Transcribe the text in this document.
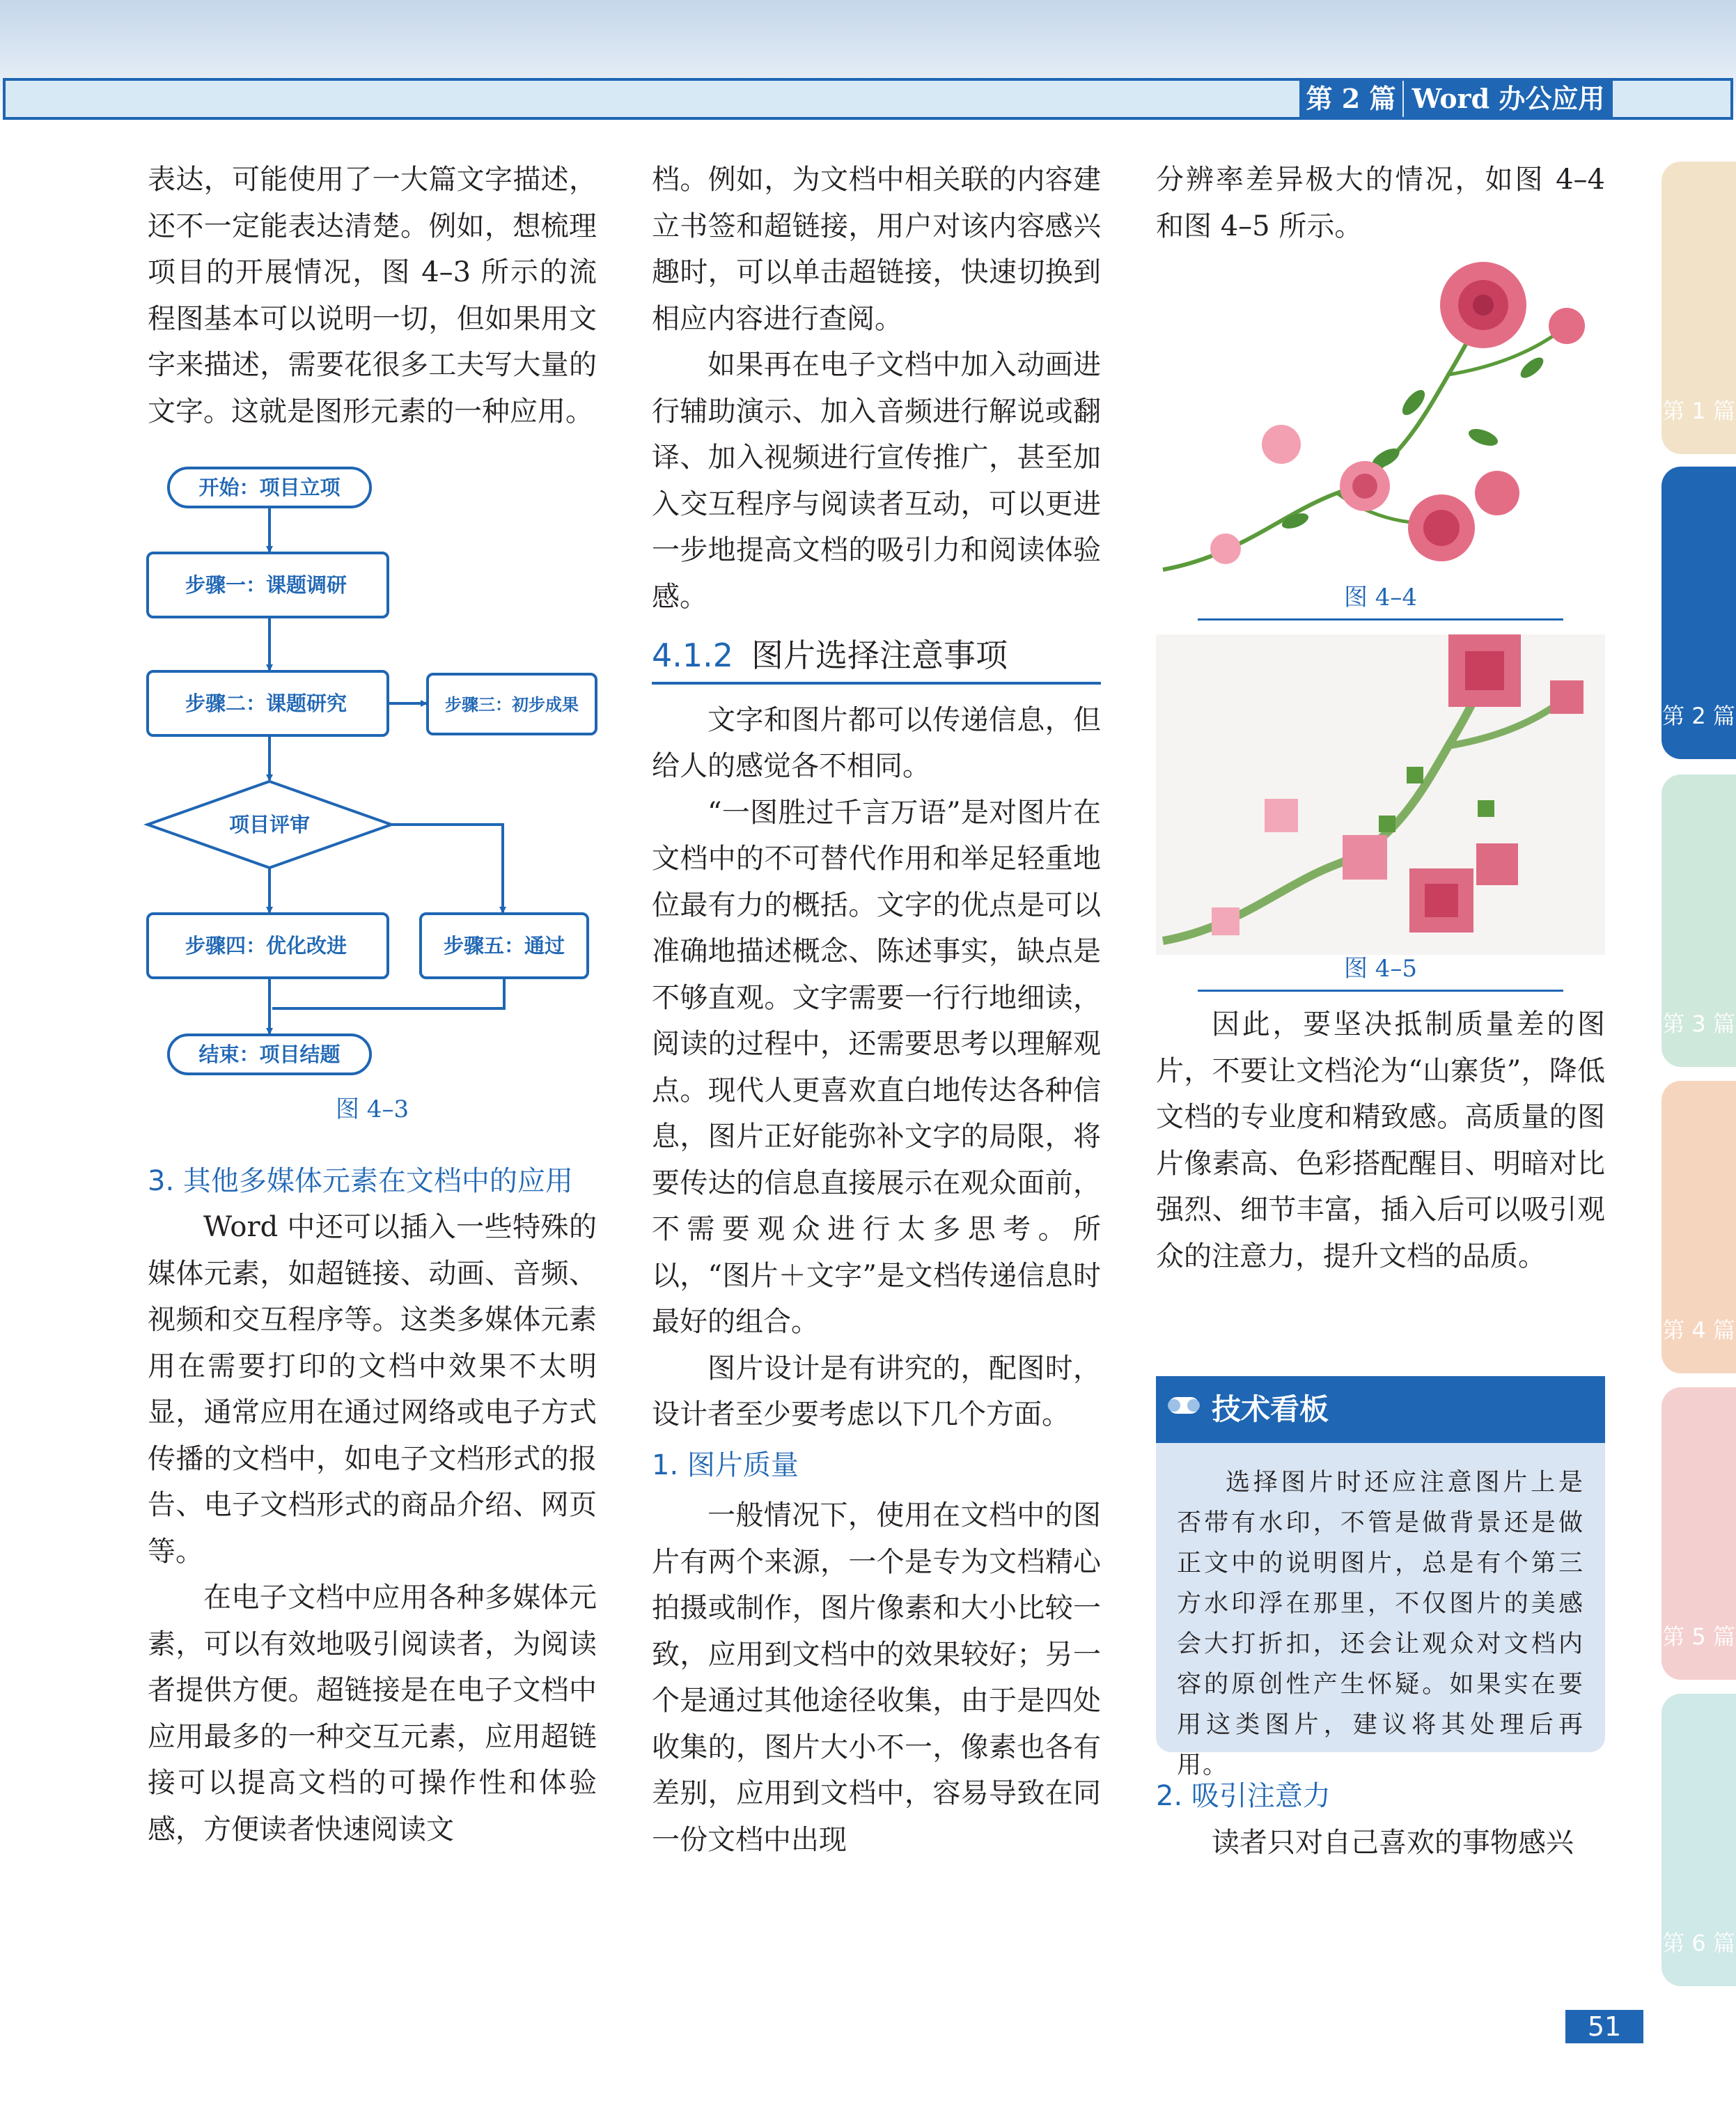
第 2 篇 Word 办公应用
第 1 篇
第 2 篇
第 3 篇
第 4 篇
第 5 篇
第 6 篇

表达，可能使用了一大篇文字描述，还不一定能表达清楚。例如，想梳理项目的开展情况，图 4–3 所示的流程图基本可以说明一切，但如果用文字来描述，需要花很多工夫写大量的文字。这就是图形元素的一种应用。

开始：项目立项
步骤一：课题调研
步骤二：课题研究	步骤三：初步成果
项目评审
步骤四：优化改进	步骤五：通过
结束：项目结题

图 4–3

3. 其他多媒体元素在文档中的应用

Word 中还可以插入一些特殊的媒体元素，如超链接、动画、音频、视频和交互程序等。这类多媒体元素用在需要打印的文档中效果不太明显，通常应用在通过网络或电子方式传播的文档中，如电子文档形式的报告、电子文档形式的商品介绍、网页等。

在电子文档中应用各种多媒体元素，可以有效地吸引阅读者，为阅读者提供方便。超链接是在电子文档中应用最多的一种交互元素，应用超链接可以提高文档的可操作性和体验感，方便读者快速阅读文

档。例如，为文档中相关联的内容建立书签和超链接，用户对该内容感兴趣时，可以单击超链接，快速切换到相应内容进行查阅。

如果再在电子文档中加入动画进行辅助演示、加入音频进行解说或翻译、加入视频进行宣传推广，甚至加入交互程序与阅读者互动，可以更进一步地提高文档的吸引力和阅读体验感。

4.1.2 图片选择注意事项

文字和图片都可以传递信息，但给人的感觉各不相同。

“一图胜过千言万语”是对图片在文档中的不可替代作用和举足轻重地位最有力的概括。文字的优点是可以准确地描述概念、陈述事实，缺点是不够直观。文字需要一行行地细读，阅读的过程中，还需要思考以理解观点。现代人更喜欢直白地传达各种信息，图片正好能弥补文字的局限，将要传达的信息直接展示在观众面前，不需要观众进行太多思考。所以，“图片＋文字”是文档传递信息时最好的组合。

图片设计是有讲究的，配图时，设计者至少要考虑以下几个方面。

1. 图片质量

一般情况下，使用在文档中的图片有两个来源，一个是专为文档精心拍摄或制作，图片像素和大小比较一致，应用到文档中的效果较好；另一个是通过其他途径收集，由于是四处收集的，图片大小不一，像素也各有差别，应用到文档中，容易导致在同一份文档中出现

分辨率差异极大的情况，如图 4–4 和图 4–5 所示。

图 4–4

图 4–5

因此，要坚决抵制质量差的图片，不要让文档沦为“山寨货”，降低文档的专业度和精致感。高质量的图片像素高、色彩搭配醒目、明暗对比强烈、细节丰富，插入后可以吸引观众的注意力，提升文档的品质。

技术看板
选择图片时还应注意图片上是否带有水印，不管是做背景还是做正文中的说明图片，总是有个第三方水印浮在那里，不仅图片的美感会大打折扣，还会让观众对文档内容的原创性产生怀疑。如果实在要用这类图片，建议将其处理后再用。

2. 吸引注意力

读者只对自己喜欢的事物感兴

51
